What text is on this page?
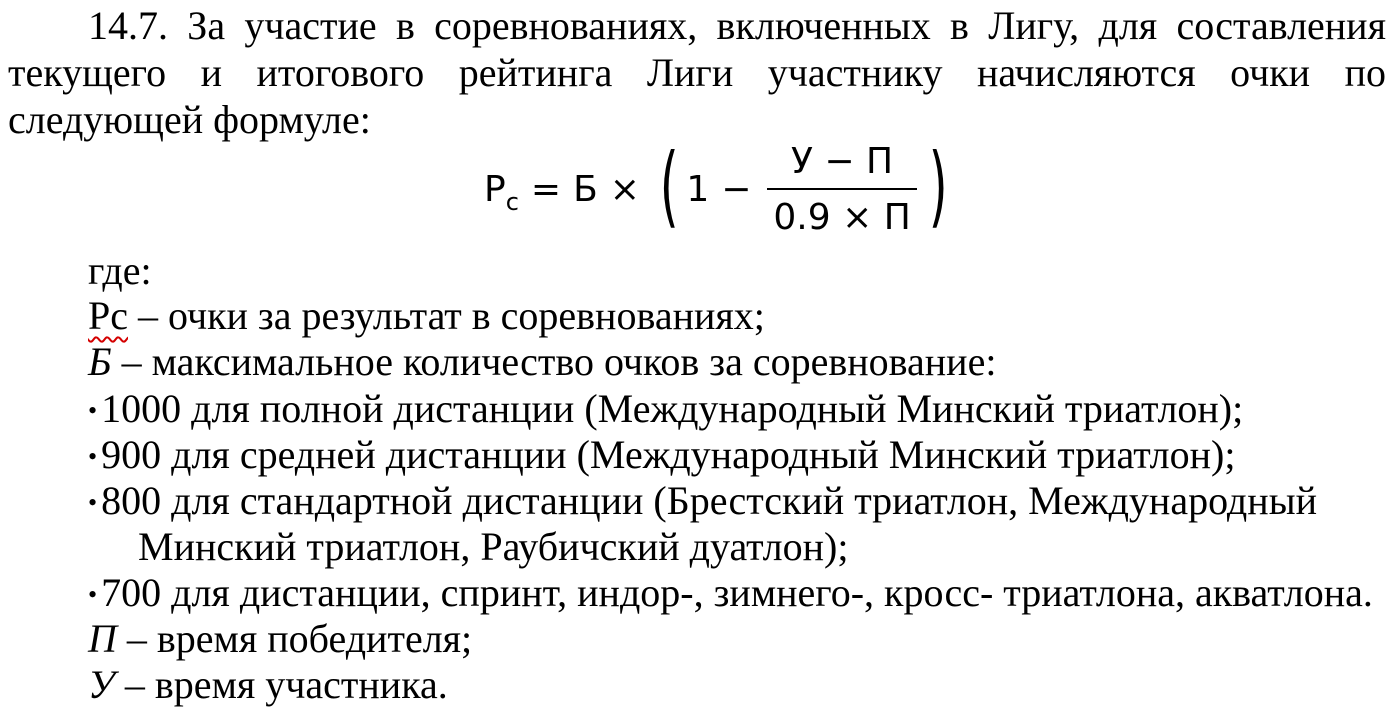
14.7. За участие в соревнованиях, включенных в Лигу, для составления текущего и итогового рейтинга Лиги участнику начисляются очки по следующей формуле:

P c = Б × ( $1 - \frac{У - П}{0.9 \times П}$ )
где:
Рс – очки за результат в соревнованиях;
Б – максимальное количество очков за соревнование:
• 1000 для полной дистанции (Международный Минский триатлон);
• 900 для средней дистанции (Международный Минский триатлон);
• 800 для стандартной дистанции (Брестский триатлон, Международный
Минский триатлон, Раубичский дуатлон);
• 700 для дистанции, спринт, индор-, зимнего-, кросс- триатлона, акватлона.
П – время победителя;
У – время участника.
